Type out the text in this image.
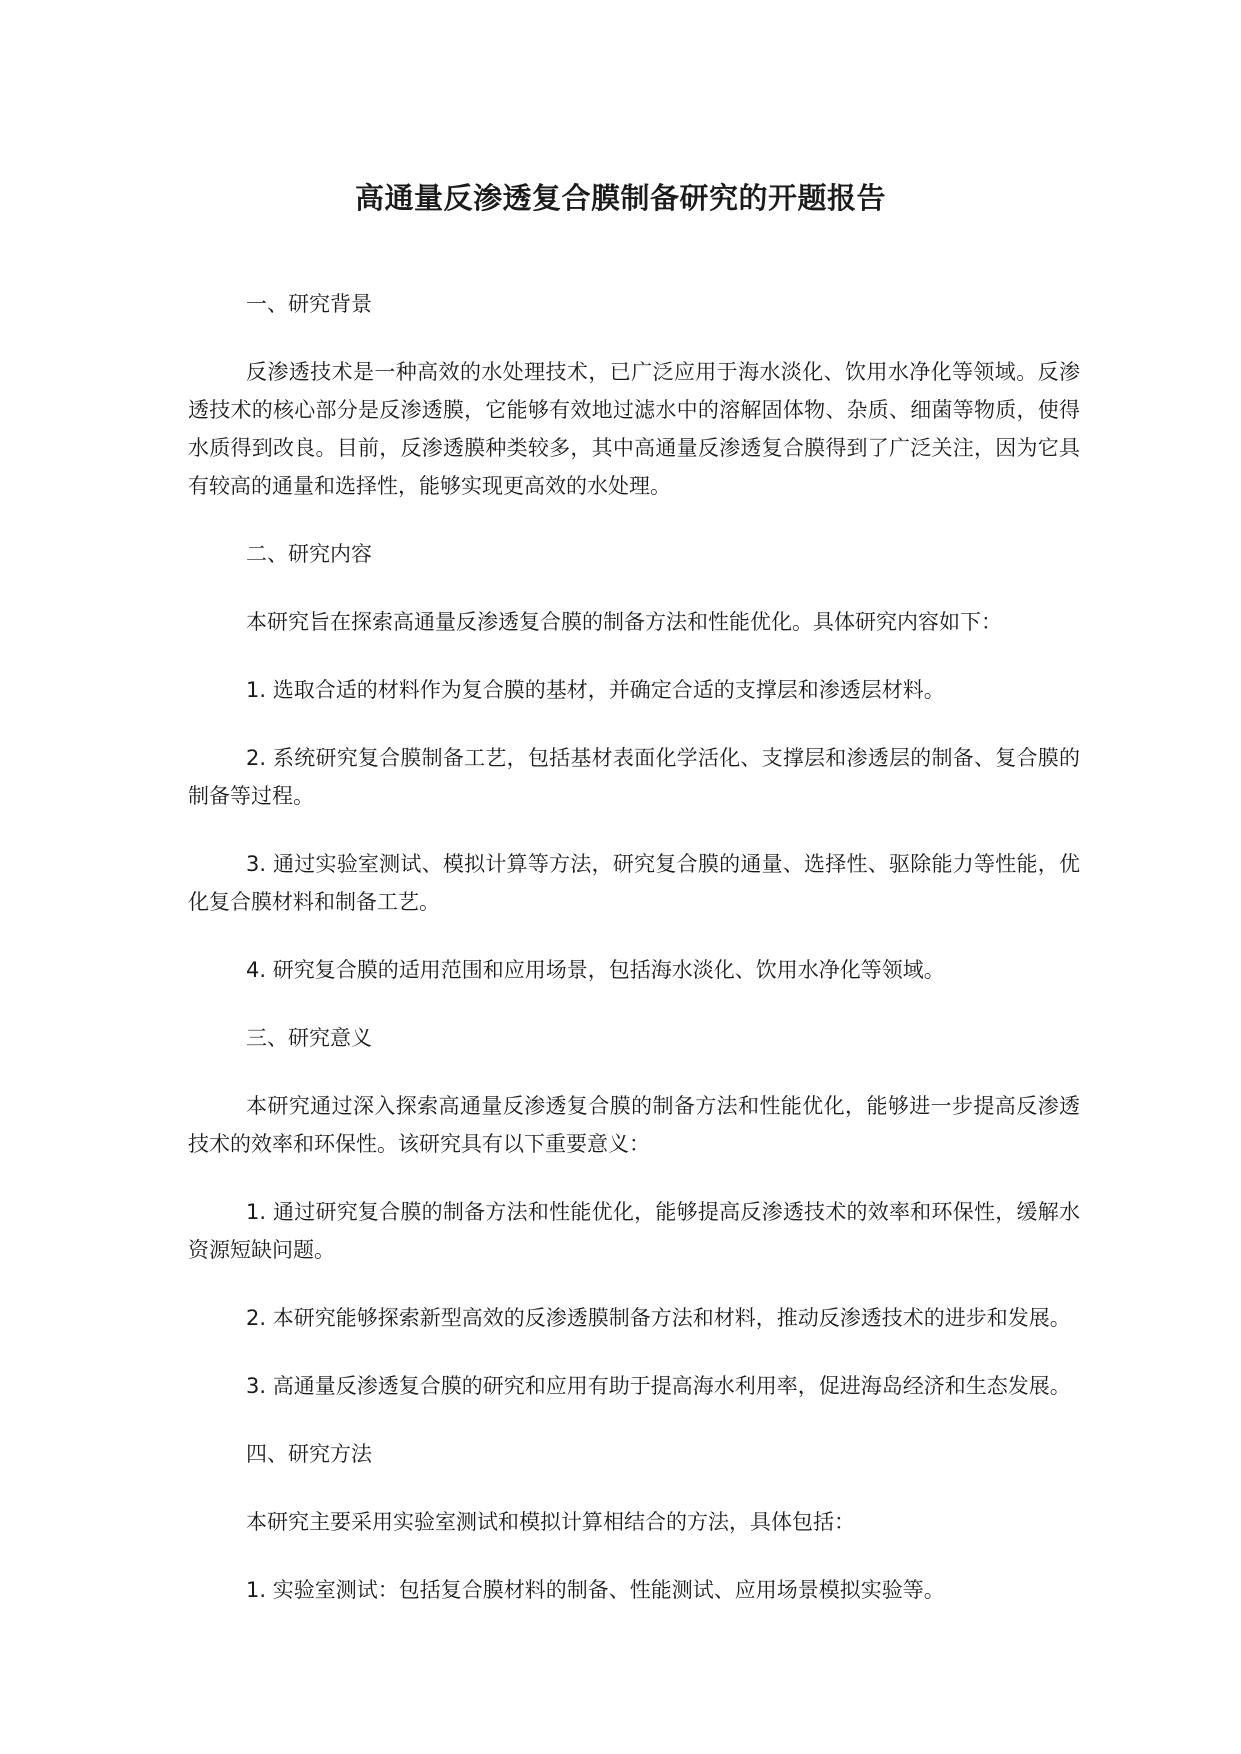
高通量反渗透复合膜制备研究的开题报告

一、研究背景

反渗透技术是一种高效的水处理技术，已广泛应用于海水淡化、饮用水净化等领域。反渗透技术的核心部分是反渗透膜，它能够有效地过滤水中的溶解固体物、杂质、细菌等物质，使得水质得到改良。目前，反渗透膜种类较多，其中高通量反渗透复合膜得到了广泛关注，因为它具有较高的通量和选择性，能够实现更高效的水处理。

二、研究内容

本研究旨在探索高通量反渗透复合膜的制备方法和性能优化。具体研究内容如下：

1. 选取合适的材料作为复合膜的基材，并确定合适的支撑层和渗透层材料。

2. 系统研究复合膜制备工艺，包括基材表面化学活化、支撑层和渗透层的制备、复合膜的制备等过程。

3. 通过实验室测试、模拟计算等方法，研究复合膜的通量、选择性、驱除能力等性能，优化复合膜材料和制备工艺。

4. 研究复合膜的适用范围和应用场景，包括海水淡化、饮用水净化等领域。

三、研究意义

本研究通过深入探索高通量反渗透复合膜的制备方法和性能优化，能够进一步提高反渗透技术的效率和环保性。该研究具有以下重要意义：

1. 通过研究复合膜的制备方法和性能优化，能够提高反渗透技术的效率和环保性，缓解水资源短缺问题。

2. 本研究能够探索新型高效的反渗透膜制备方法和材料，推动反渗透技术的进步和发展。

3. 高通量反渗透复合膜的研究和应用有助于提高海水利用率，促进海岛经济和生态发展。

四、研究方法

本研究主要采用实验室测试和模拟计算相结合的方法，具体包括：

1. 实验室测试：包括复合膜材料的制备、性能测试、应用场景模拟实验等。
